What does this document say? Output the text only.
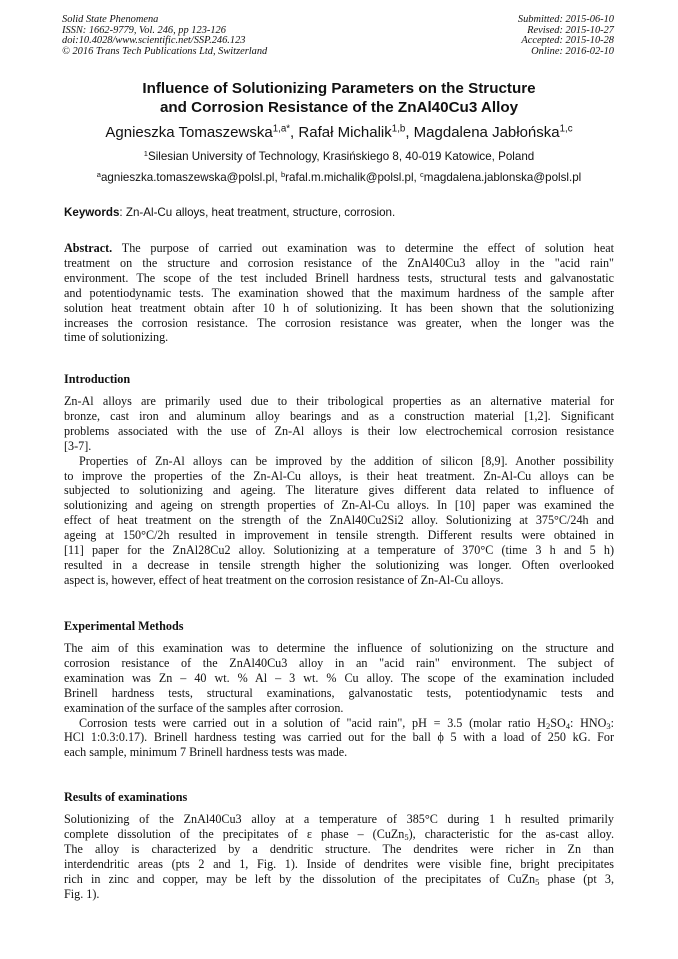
Solid State Phenomena
ISSN: 1662-9779, Vol. 246, pp 123-126
doi:10.4028/www.scientific.net/SSP.246.123
© 2016 Trans Tech Publications Ltd, Switzerland
Submitted: 2015-06-10
Revised: 2015-10-27
Accepted: 2015-10-28
Online: 2016-02-10
Influence of Solutionizing Parameters on the Structure
and Corrosion Resistance of the ZnAl40Cu3 Alloy
Agnieszka Tomaszewska$^{1,a*}$, Rafał Michalik$^{1,b}$, Magdalena Jabłońska$^{1,c}$
$^1$Silesian University of Technology, Krasińskiego 8, 40-019 Katowice, Poland
$^a$agnieszka.tomaszewska@polsl.pl, $^b$rafal.m.michalik@polsl.pl, $^c$magdalena.jablonska@polsl.pl
Keywords: Zn-Al-Cu alloys, heat treatment, structure, corrosion.
Abstract. The purpose of carried out examination was to determine the effect of solution heat
treatment on the structure and corrosion resistance of the ZnAl40Cu3 alloy in the "acid rain"
environment. The scope of the test included Brinell hardness tests, structural tests and galvanostatic
and potentiodynamic tests. The examination showed that the maximum hardness of the sample after
solution heat treatment obtain after 10 h of solutionizing. It has been shown that the solutionizing
increases the corrosion resistance. The corrosion resistance was greater, when the longer was the
time of solutionizing.
Introduction
Zn-Al alloys are primarily used due to their tribological properties as an alternative material for
bronze, cast iron and aluminum alloy bearings and as a construction material [1,2]. Significant
problems associated with the use of Zn-Al alloys is their low electrochemical corrosion resistance
[3-7].
Properties of Zn-Al alloys can be improved by the addition of silicon [8,9]. Another possibility
to improve the properties of the Zn-Al-Cu alloys, is their heat treatment. Zn-Al-Cu alloys can be
subjected to solutionizing and ageing. The literature gives different data related to influence of
solutionizing and ageing on strength properties of Zn-Al-Cu alloys. In [10] paper was examined the
effect of heat treatment on the strength of the ZnAl40Cu2Si2 alloy. Solutionizing at 375°C/24h and
ageing at 150°C/2h resulted in improvement in tensile strength. Different results were obtained in
[11] paper for the ZnAl28Cu2 alloy. Solutionizing at a temperature of 370°C (time 3 h and 5 h)
resulted in a decrease in tensile strength higher the solutionizing was longer. Often overlooked
aspect is, however, effect of heat treatment on the corrosion resistance of Zn-Al-Cu alloys.
Experimental Methods
The aim of this examination was to determine the influence of solutionizing on the structure and
corrosion resistance of the ZnAl40Cu3 alloy in an "acid rain" environment. The subject of
examination was Zn – 40 wt. % Al – 3 wt. % Cu alloy. The scope of the examination included
Brinell hardness tests, structural examinations, galvanostatic tests, potentiodynamic tests and
examination of the surface of the samples after corrosion.
Corrosion tests were carried out in a solution of "acid rain", pH = 3.5 (molar ratio $H_2SO_4$: $HNO_3$:
HCl 1:0.3:0.17). Brinell hardness testing was carried out for the ball ϕ 5 with a load of 250 kG. For
each sample, minimum 7 Brinell hardness tests was made.
Results of examinations
Solutionizing of the ZnAl40Cu3 alloy at a temperature of 385°C during 1 h resulted primarily
complete dissolution of the precipitates of ε phase – (CuZn$_5$), characteristic for the as-cast alloy.
The alloy is characterized by a dendritic structure. The dendrites were richer in Zn than
interdendritic areas (pts 2 and 1, Fig. 1). Inside of dendrites were visible fine, bright precipitates
rich in zinc and copper, may be left by the dissolution of the precipitates of CuZn$_5$ phase (pt 3,
Fig. 1).
